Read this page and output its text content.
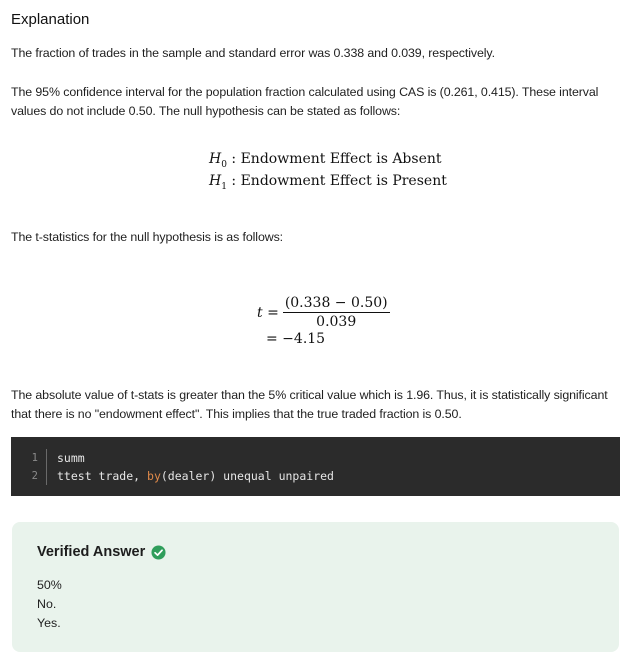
Explanation

The fraction of trades in the sample and standard error was 0.338 and 0.039, respectively.

The 95% confidence interval for the population fraction calculated using CAS is (0.261, 0.415). These interval values do not include 0.50. The null hypothesis can be stated as follows:

$H_0$ : Endowment Effect is Absent
$H_1$ : Endowment Effect is Present

The t-statistics for the null hypothesis is as follows:

$t = \frac{(0.338 - 0.50)}{0.039}$
= −4.15

The absolute value of t-stats is greater than the 5% critical value which is 1.96. Thus, it is statistically significant that there is no "endowment effect". This implies that the true traded fraction is 0.50.

1	summ
2	ttest trade, by(dealer) unequal unpaired
Verified Answer
50%
No.
Yes.
